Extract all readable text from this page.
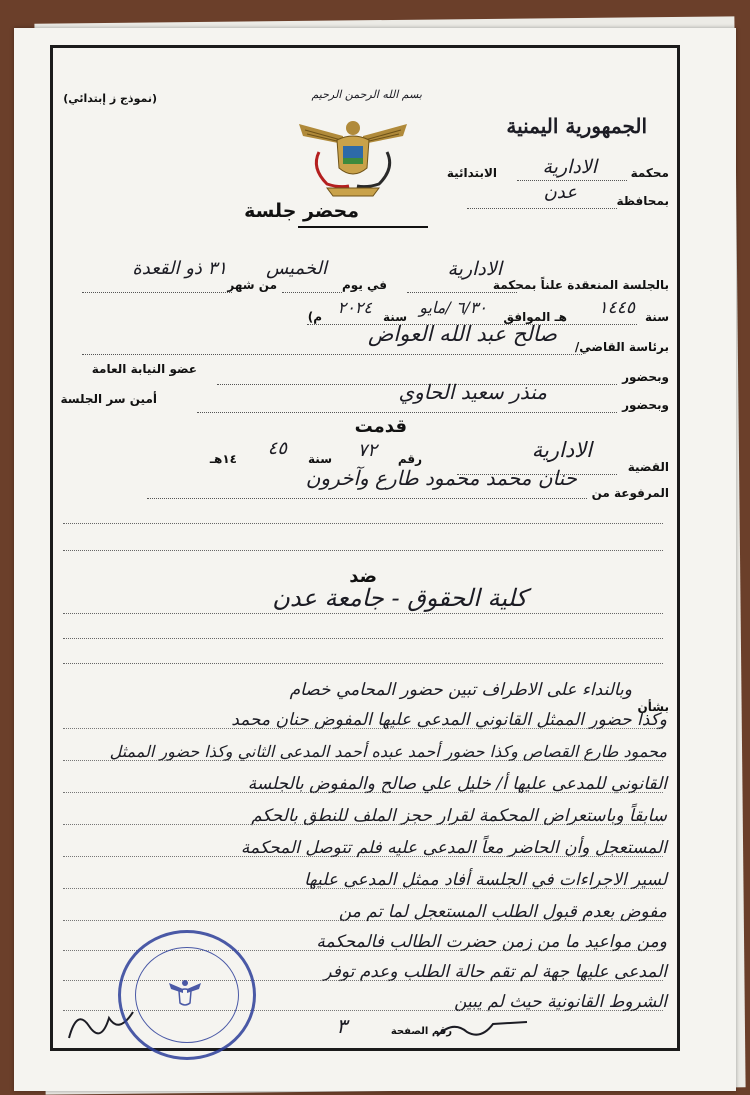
(نموذج ز إبتدائي)	بسم الله الرحمن الرحيم
الجمهورية اليمنية
محضر جلسة
محكمة
الادارية
الابتدائية
بمحافظة
عدن
بالجلسة المنعقدة علناً بمحكمة
الادارية
في يوم
الخميس
من شهر
٣١ ذو القعدة
سنة
١٤٤٥
هـ الموافق
٦/٣٠ /مايو
سنة
٢٠٢٤
م)
برئاسة القاضي/
صالح عبد الله العواض
وبحضور
عضو النيابة العامة
وبحضور
منذر سعيد الحاوي
أمين سر الجلسة
قدمت
القضية
الادارية
رقم
٧٢
سنة
٤٥
١٤هـ
المرفوعة من
حنان محمد محمود طارع وآخرون
ضد
كلية الحقوق - جامعة عدن
بشأن
وبالنداء على الاطراف تبين حضور المحامي خصام
وكذا حضور الممثل القانوني المدعى عليها المفوض حنان محمد
محمود طارع القصاص وكذا حضور أحمد عبده أحمد المدعى الثاني وكذا حضور الممثل
القانوني للمدعى عليها أ/ خليل علي صالح والمفوض بالجلسة
سابقاً وباستعراض المحكمة لقرار حجز الملف للنطق بالحكم
المستعجل وأن الحاضر معاً المدعى عليه فلم تتوصل المحكمة
لسير الاجراءات في الجلسة أفاد ممثل المدعى عليها
مفوض بعدم قبول الطلب المستعجل لما تم من
ومن مواعيد ما من زمن حضرت الطالب فالمحكمة
المدعى عليها جهة لم تقم حالة الطلب وعدم توفر
الشروط القانونية حيث لم يبين
رقم الصفحة
٣
